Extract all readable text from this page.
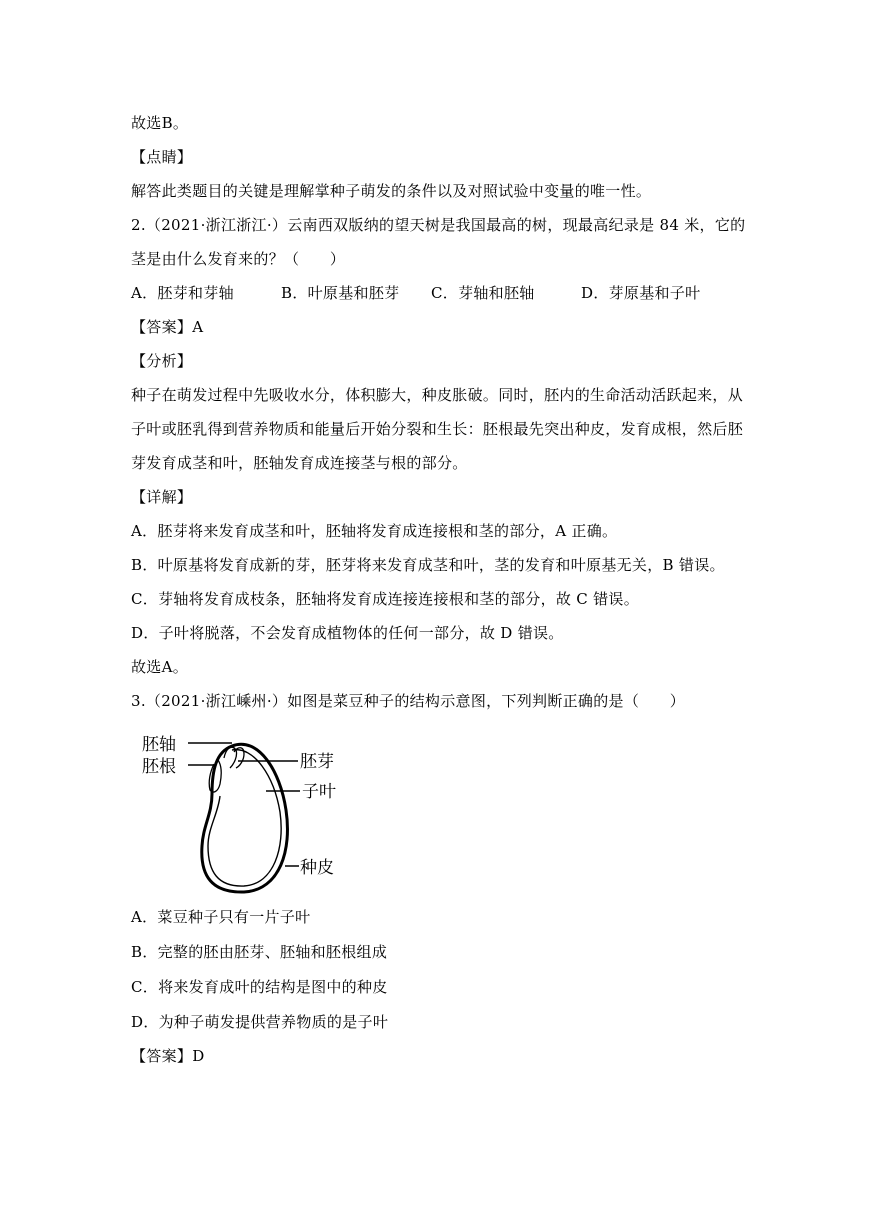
故选B。
【点睛】
解答此类题目的关键是理解掌种子萌发的条件以及对照试验中变量的唯一性。
2.（2021·浙江浙江·）云南西双版纳的望天树是我国最高的树，现最高纪录是 84 米，它的
茎是由什么发育来的？（　　）
A．胚芽和芽轴	B．叶原基和胚芽 C．芽轴和胚轴	D．芽原基和子叶
【答案】A
【分析】
种子在萌发过程中先吸收水分，体积膨大，种皮胀破。同时，胚内的生命活动活跃起来，从
子叶或胚乳得到营养物质和能量后开始分裂和生长：胚根最先突出种皮，发育成根，然后胚
芽发育成茎和叶，胚轴发育成连接茎与根的部分。
【详解】
A．胚芽将来发育成茎和叶，胚轴将发育成连接根和茎的部分，A 正确。
B．叶原基将发育成新的芽，胚芽将来发育成茎和叶，茎的发育和叶原基无关，B 错误。
C．芽轴将发育成枝条，胚轴将发育成连接连接根和茎的部分，故 C 错误。
D．子叶将脱落，不会发育成植物体的任何一部分，故 D 错误。
故选A。
3.（2021·浙江嵊州·）如图是菜豆种子的结构示意图，下列判断正确的是（　　）
胚轴
胚根	胚芽
子叶
种皮
A．菜豆种子只有一片子叶
B．完整的胚由胚芽、胚轴和胚根组成
C．将来发育成叶的结构是图中的种皮
D．为种子萌发提供营养物质的是子叶
【答案】D
